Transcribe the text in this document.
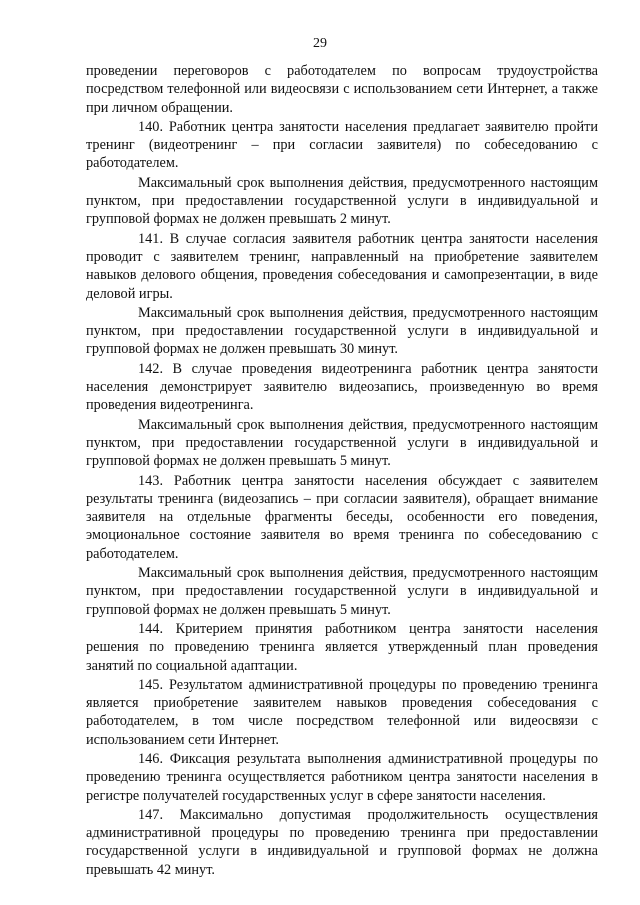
29

проведении переговоров с работодателем по вопросам трудоустройства посредством телефонной или видеосвязи с использованием сети Интернет, а также при личном обращении.

140. Работник центра занятости населения предлагает заявителю пройти тренинг (видеотренинг – при согласии заявителя) по собеседованию с работодателем.

Максимальный срок выполнения действия, предусмотренного настоящим пунктом, при предоставлении государственной услуги в индивидуальной и групповой формах не должен превышать 2 минут.

141. В случае согласия заявителя работник центра занятости населения проводит с заявителем тренинг, направленный на приобретение заявителем навыков делового общения, проведения собеседования и самопрезентации, в виде деловой игры.

Максимальный срок выполнения действия, предусмотренного настоящим пунктом, при предоставлении государственной услуги в индивидуальной и групповой формах не должен превышать 30 минут.

142. В случае проведения видеотренинга работник центра занятости населения демонстрирует заявителю видеозапись, произведенную во время проведения видеотренинга.

Максимальный срок выполнения действия, предусмотренного настоящим пунктом, при предоставлении государственной услуги в индивидуальной и групповой формах не должен превышать 5 минут.

143. Работник центра занятости населения обсуждает с заявителем результаты тренинга (видеозапись – при согласии заявителя), обращает внимание заявителя на отдельные фрагменты беседы, особенности его поведения, эмоциональное состояние заявителя во время тренинга по собеседованию с работодателем.

Максимальный срок выполнения действия, предусмотренного настоящим пунктом, при предоставлении государственной услуги в индивидуальной и групповой формах не должен превышать 5 минут.

144. Критерием принятия работником центра занятости населения решения по проведению тренинга является утвержденный план проведения занятий по социальной адаптации.

145. Результатом административной процедуры по проведению тренинга является приобретение заявителем навыков проведения собеседования с работодателем, в том числе посредством телефонной или видеосвязи с использованием сети Интернет.

146. Фиксация результата выполнения административной процедуры по проведению тренинга осуществляется работником центра занятости населения в регистре получателей государственных услуг в сфере занятости населения.

147. Максимально допустимая продолжительность осуществления административной процедуры по проведению тренинга при предоставлении государственной услуги в индивидуальной и групповой формах не должна превышать 42 минут.
